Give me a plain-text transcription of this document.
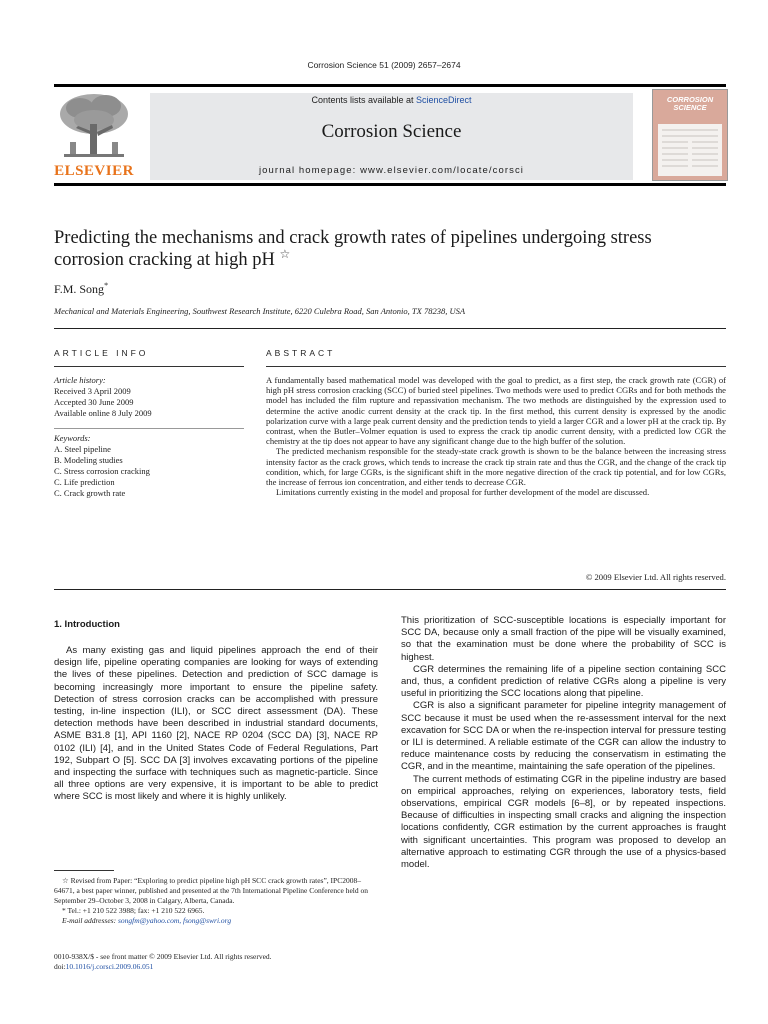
Corrosion Science 51 (2009) 2657–2674
ELSEVIER
Contents lists available at ScienceDirect
Corrosion Science
journal homepage: www.elsevier.com/locate/corsci
CORROSION SCIENCE
Predicting the mechanisms and crack growth rates of pipelines undergoing stress corrosion cracking at high pH ☆
F.M. Song*
Mechanical and Materials Engineering, Southwest Research Institute, 6220 Culebra Road, San Antonio, TX 78238, USA
ARTICLE INFO
Article history:
Received 3 April 2009
Accepted 30 June 2009
Available online 8 July 2009
Keywords:
A. Steel pipeline
B. Modeling studies
C. Stress corrosion cracking
C. Life prediction
C. Crack growth rate
ABSTRACT

A fundamentally based mathematical model was developed with the goal to predict, as a first step, the crack growth rate (CGR) of high pH stress corrosion cracking (SCC) of buried steel pipelines. Two methods were used to predict CGRs and for both methods the model has included the film rupture and repassivation mechanism. The two methods are distinguished by the expression used to determine the active anodic current density at the crack tip. In the first method, this current density is expressed by the anodic polarization curve with a large peak current density and the prediction tends to yield a larger CGR and a lower pH at the crack tip. By contrast, when the Butler–Volmer equation is used to express the crack tip anodic current density, with a predicted low CGR the chemistry at the tip does not appear to have any significant change due to the high buffer of the solution.

The predicted mechanism responsible for the steady-state crack growth is shown to be the balance between the increasing stress intensity factor as the crack grows, which tends to increase the crack tip strain rate and thus the CGR, and the change of the crack tip condition, which, for large CGRs, is the significant shift in the more negative direction of the crack tip potential, and for low CGRs, the increase of ferrous ion concentration, and either tends to decrease CGR.

Limitations currently existing in the model and proposal for further development of the model are discussed.

© 2009 Elsevier Ltd. All rights reserved.
1. Introduction

As many existing gas and liquid pipelines approach the end of their design life, pipeline operating companies are looking for ways of extending the lives of these pipelines. Detection and prediction of SCC damage is becoming increasingly more important to ensure the pipeline safety. Detection of stress corrosion cracks can be accomplished with pressure testing, in-line inspection (ILI), or SCC direct assessment (DA). These detection methods have been described in industrial standard documents, ASME B31.8 [1], API 1160 [2], NACE RP 0204 (SCC DA) [3], NACE RP 0102 (ILI) [4], and in the United States Code of Federal Regulations, Part 192, Subpart O [5]. SCC DA [3] involves excavating portions of the pipeline and inspecting the surface with techniques such as magnetic-particle. Since all three options are very expensive, it is important to be able to predict where SCC is most likely and where it is highly unlikely.

This prioritization of SCC-susceptible locations is especially important for SCC DA, because only a small fraction of the pipe will be visually examined, so that the examination must be done where the probability of SCC is highest.

CGR determines the remaining life of a pipeline section containing SCC and, thus, a confident prediction of relative CGRs along a pipeline is very useful in prioritizing the SCC locations along that pipeline.

CGR is also a significant parameter for pipeline integrity management of SCC because it must be used when the re-assessment interval for the next excavation for SCC DA or when the re-inspection interval for pressure testing or ILI is determined. A reliable estimate of the CGR can allow the industry to reduce maintenance costs by reducing the conservatism in estimating the CGR, and in the meantime, maintaining the safe operation of the pipelines.

The current methods of estimating CGR in the pipeline industry are based on empirical approaches, relying on experiences, laboratory tests, field observations, empirical CGR models [6–8], or by repeated inspections. Because of difficulties in inspecting small cracks and aligning the inspection locations confidently, CGR estimation by the current approaches is fraught with significant uncertainties. This program was proposed to develop an alternative approach to estimating CGR through the use of a physics-based model.

☆ Revised from Paper: “Exploring to predict pipeline high pH SCC crack growth rates”, IPC2008–64671, a best paper winner, published and presented at the 7th International Pipeline Conference held on September 29–October 3, 2008 in Calgary, Alberta, Canada.

* Tel.: +1 210 522 3988; fax: +1 210 522 6965.

E-mail addresses: songfm@yahoo.com, fsong@swri.org

0010-938X/$ - see front matter © 2009 Elsevier Ltd. All rights reserved.
doi:10.1016/j.corsci.2009.06.051
